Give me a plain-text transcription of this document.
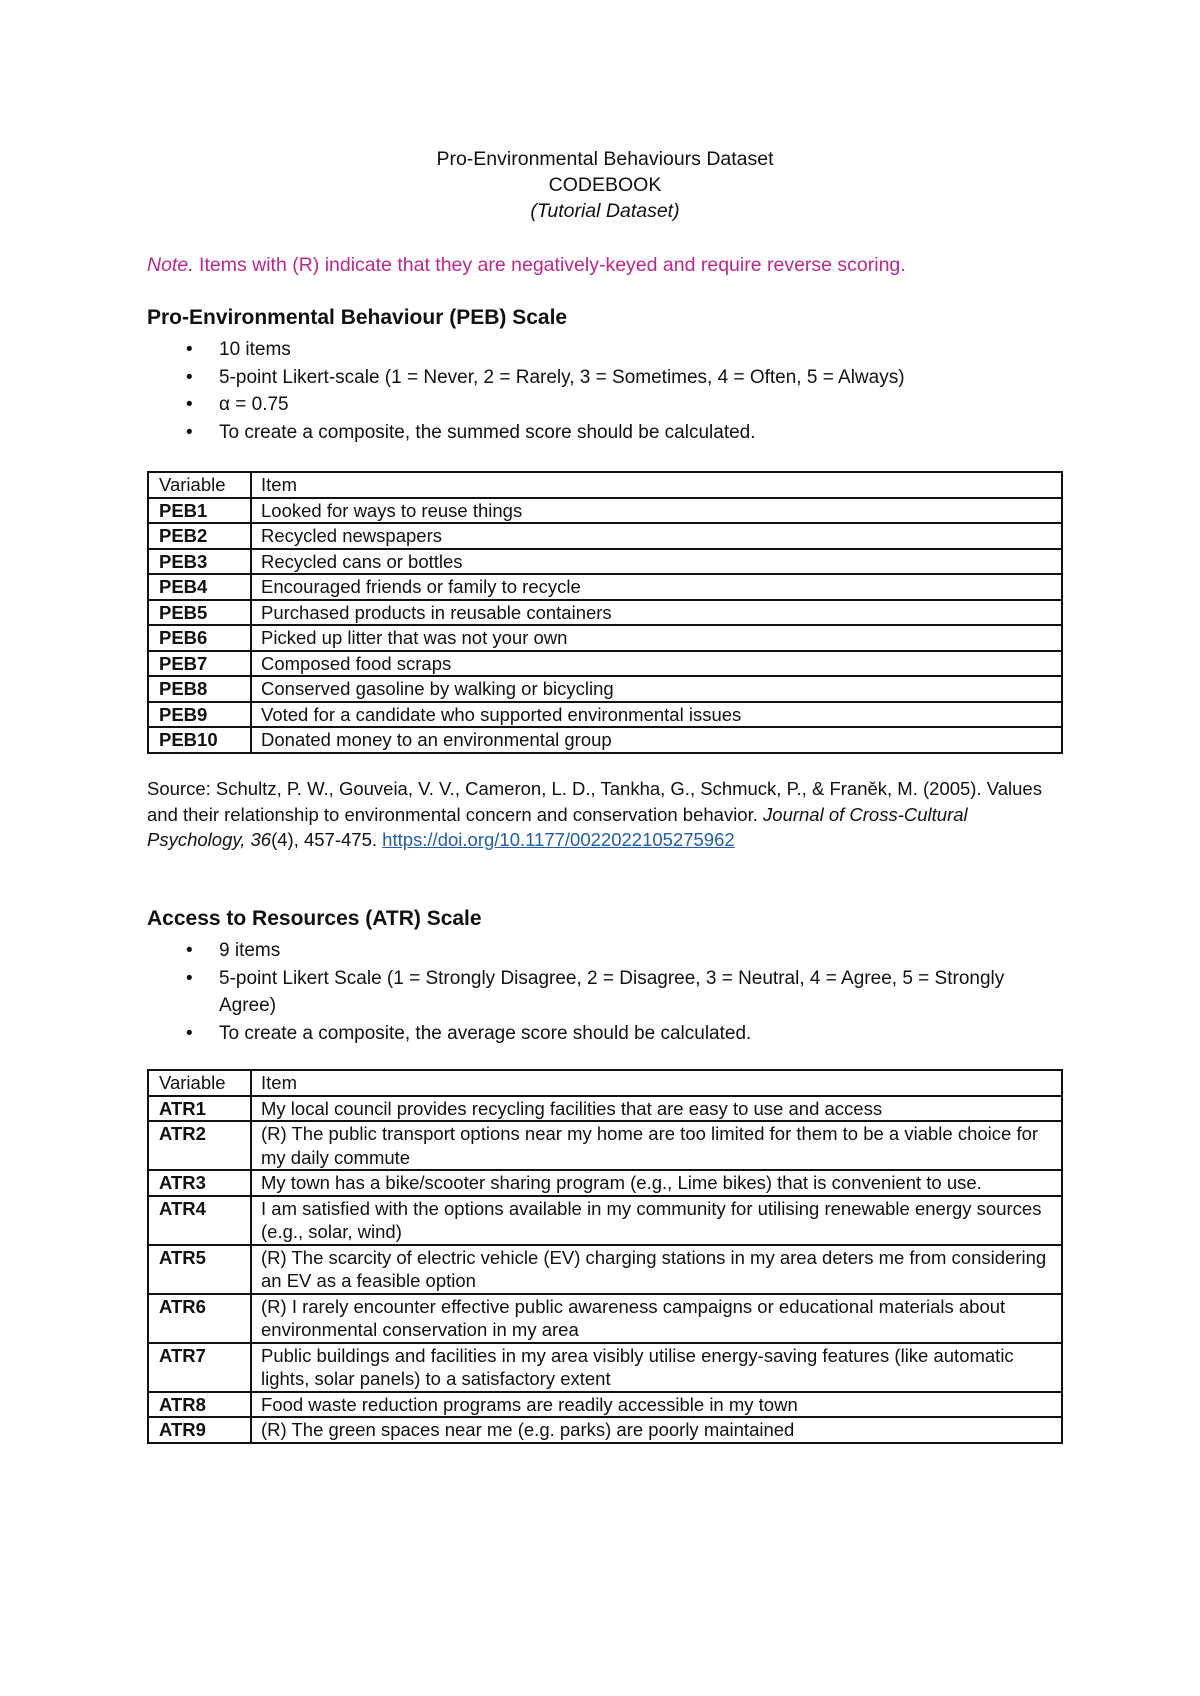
Pro-Environmental Behaviours Dataset
CODEBOOK
(Tutorial Dataset)
Note. Items with (R) indicate that they are negatively-keyed and require reverse scoring.
Pro-Environmental Behaviour (PEB) Scale
• 10 items
• 5-point Likert-scale (1 = Never, 2 = Rarely, 3 = Sometimes, 4 = Often, 5 = Always)
• α = 0.75
• To create a composite, the summed score should be calculated.
Variable	Item
PEB1	Looked for ways to reuse things
PEB2	Recycled newspapers
PEB3	Recycled cans or bottles
PEB4	Encouraged friends or family to recycle
PEB5	Purchased products in reusable containers
PEB6	Picked up litter that was not your own
PEB7	Composed food scraps
PEB8	Conserved gasoline by walking or bicycling
PEB9	Voted for a candidate who supported environmental issues
PEB10	Donated money to an environmental group
Source: Schultz, P. W., Gouveia, V. V., Cameron, L. D., Tankha, G., Schmuck, P., & Franěk, M. (2005). Values and their relationship to environmental concern and conservation behavior. Journal of Cross-Cultural Psychology, 36(4), 457-475. https://doi.org/10.1177/0022022105275962
Access to Resources (ATR) Scale
• 9 items
• 5-point Likert Scale (1 = Strongly Disagree, 2 = Disagree, 3 = Neutral, 4 = Agree, 5 = Strongly Agree)
• To create a composite, the average score should be calculated.
Variable	Item
ATR1	My local council provides recycling facilities that are easy to use and access
ATR2	(R) The public transport options near my home are too limited for them to be a viable choice for my daily commute
ATR3	My town has a bike/scooter sharing program (e.g., Lime bikes) that is convenient to use.
ATR4	I am satisfied with the options available in my community for utilising renewable energy sources (e.g., solar, wind)
ATR5	(R) The scarcity of electric vehicle (EV) charging stations in my area deters me from considering an EV as a feasible option
ATR6	(R) I rarely encounter effective public awareness campaigns or educational materials about environmental conservation in my area
ATR7	Public buildings and facilities in my area visibly utilise energy-saving features (like automatic lights, solar panels) to a satisfactory extent
ATR8	Food waste reduction programs are readily accessible in my town
ATR9	(R) The green spaces near me (e.g. parks) are poorly maintained
